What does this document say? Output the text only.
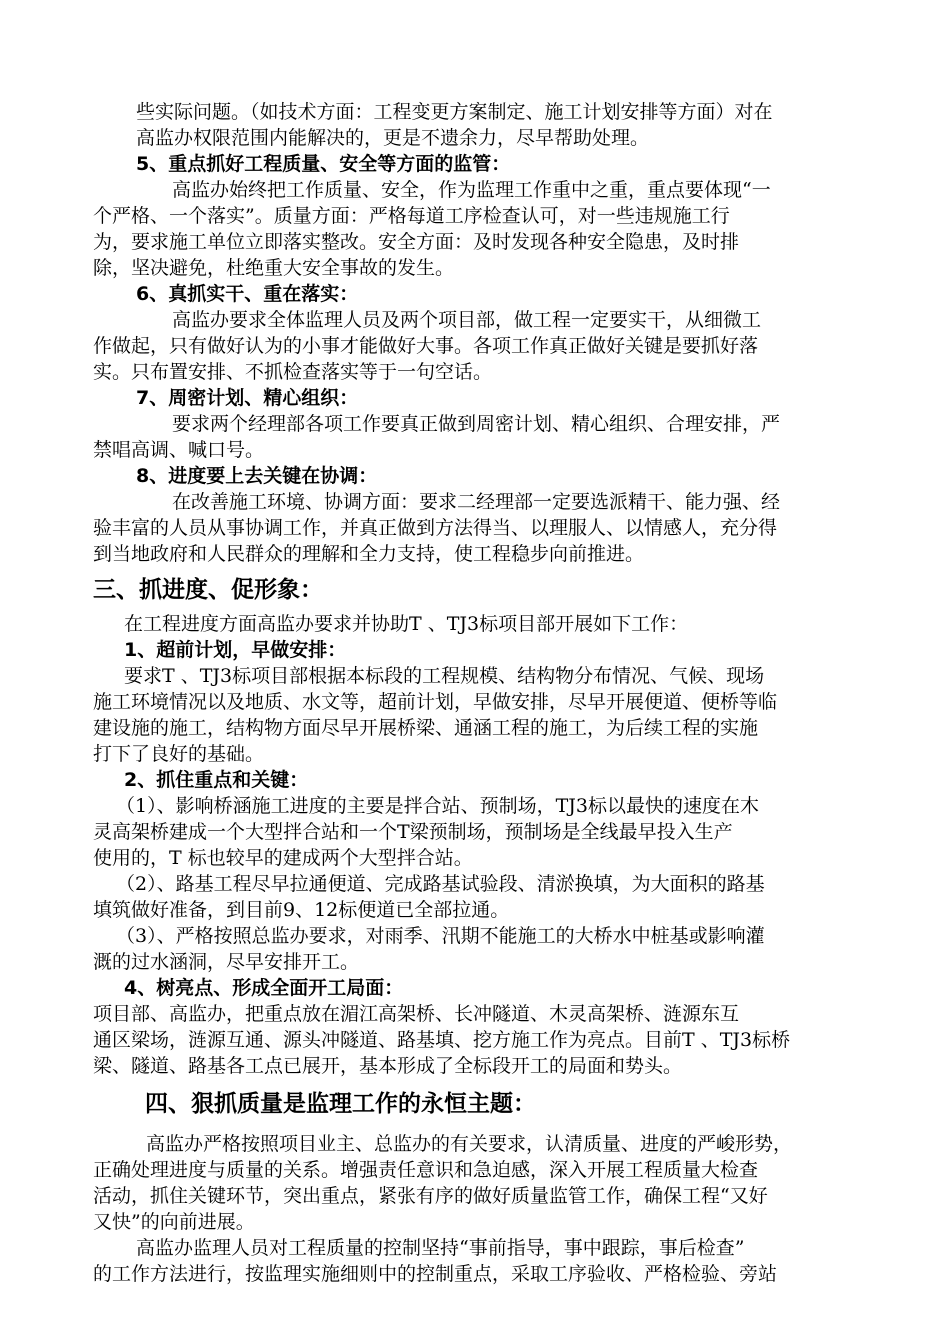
些实际问题。（如技术方面：工程变更方案制定、施工计划安排等方面）对在
高监办权限范围内能解决的，更是不遗余力，尽早帮助处理。
5、重点抓好工程质量、安全等方面的监管：
高监办始终把工作质量、安全，作为监理工作重中之重，重点要体现“一
个严格、一个落实”。质量方面：严格每道工序检查认可，对一些违规施工行
为，要求施工单位立即落实整改。安全方面：及时发现各种安全隐患，及时排
除，坚决避免，杜绝重大安全事故的发生。
6、真抓实干、重在落实：
高监办要求全体监理人员及两个项目部，做工程一定要实干，从细微工
作做起，只有做好认为的小事才能做好大事。各项工作真正做好关键是要抓好落
实。只布置安排、不抓检查落实等于一句空话。
7、周密计划、精心组织：
要求两个经理部各项工作要真正做到周密计划、精心组织、合理安排，严
禁唱高调、喊口号。
8、进度要上去关键在协调：
在改善施工环境、协调方面：要求二经理部一定要选派精干、能力强、经
验丰富的人员从事协调工作，并真正做到方法得当、以理服人、以情感人，充分得
到当地政府和人民群众的理解和全力支持，使工程稳步向前推进。
三、抓进度、促形象：
在工程进度方面高监办要求并协助T 、TJ3标项目部开展如下工作：
1、超前计划，早做安排：
要求T 、TJ3标项目部根据本标段的工程规模、结构物分布情况、气候、现场
施工环境情况以及地质、水文等，超前计划，早做安排，尽早开展便道、便桥等临
建设施的施工，结构物方面尽早开展桥梁、通涵工程的施工，为后续工程的实施
打下了良好的基础。
2、抓住重点和关键：
（1）、影响桥涵施工进度的主要是拌合站、预制场，TJ3标以最快的速度在木
灵高架桥建成一个大型拌合站和一个T梁预制场，预制场是全线最早投入生产
使用的，T 标也较早的建成两个大型拌合站。
（2）、路基工程尽早拉通便道、完成路基试验段、清淤换填，为大面积的路基
填筑做好准备，到目前9、12标便道已全部拉通。
（3）、严格按照总监办要求，对雨季、汛期不能施工的大桥水中桩基或影响灌
溉的过水涵洞，尽早安排开工。
4、树亮点、形成全面开工局面：
项目部、高监办，把重点放在湄江高架桥、长冲隧道、木灵高架桥、涟源东互
通区梁场，涟源互通、源头冲隧道、路基填、挖方施工作为亮点。目前T 、TJ3标桥
梁、隧道、路基各工点已展开，基本形成了全标段开工的局面和势头。
四、狠抓质量是监理工作的永恒主题：
高监办严格按照项目业主、总监办的有关要求，认清质量、进度的严峻形势，
正确处理进度与质量的关系。增强责任意识和急迫感，深入开展工程质量大检查
活动，抓住关键环节，突出重点，紧张有序的做好质量监管工作，确保工程“又好
又快”的向前进展。
高监办监理人员对工程质量的控制坚持“事前指导，事中跟踪，事后检查”
的工作方法进行，按监理实施细则中的控制重点，采取工序验收、严格检验、旁站
